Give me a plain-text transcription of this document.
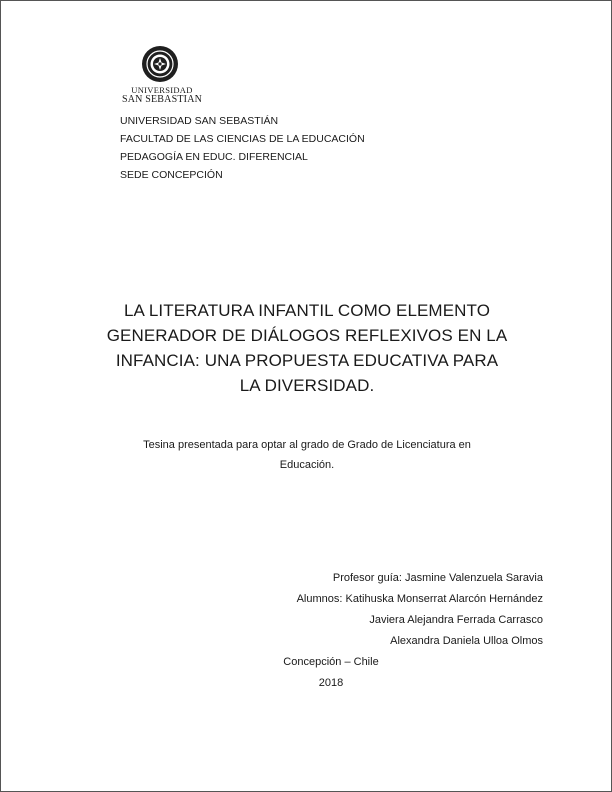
UNIVERSIDAD
SAN SEBASTIAN
UNIVERSIDAD SAN SEBASTIÁN
FACULTAD DE LAS CIENCIAS DE LA EDUCACIÓN
PEDAGOGÍA EN EDUC. DIFERENCIAL
SEDE CONCEPCIÓN
LA LITERATURA INFANTIL COMO ELEMENTO
GENERADOR DE DIÁLOGOS REFLEXIVOS EN LA
INFANCIA: UNA PROPUESTA EDUCATIVA PARA
LA DIVERSIDAD.
Tesina presentada para optar al grado de Grado de Licenciatura en
Educación.
Profesor guía: Jasmine Valenzuela Saravia
Alumnos: Katihuska Monserrat Alarcón Hernández
Javiera Alejandra Ferrada Carrasco
Alexandra Daniela Ulloa Olmos
Concepción – Chile
2018
